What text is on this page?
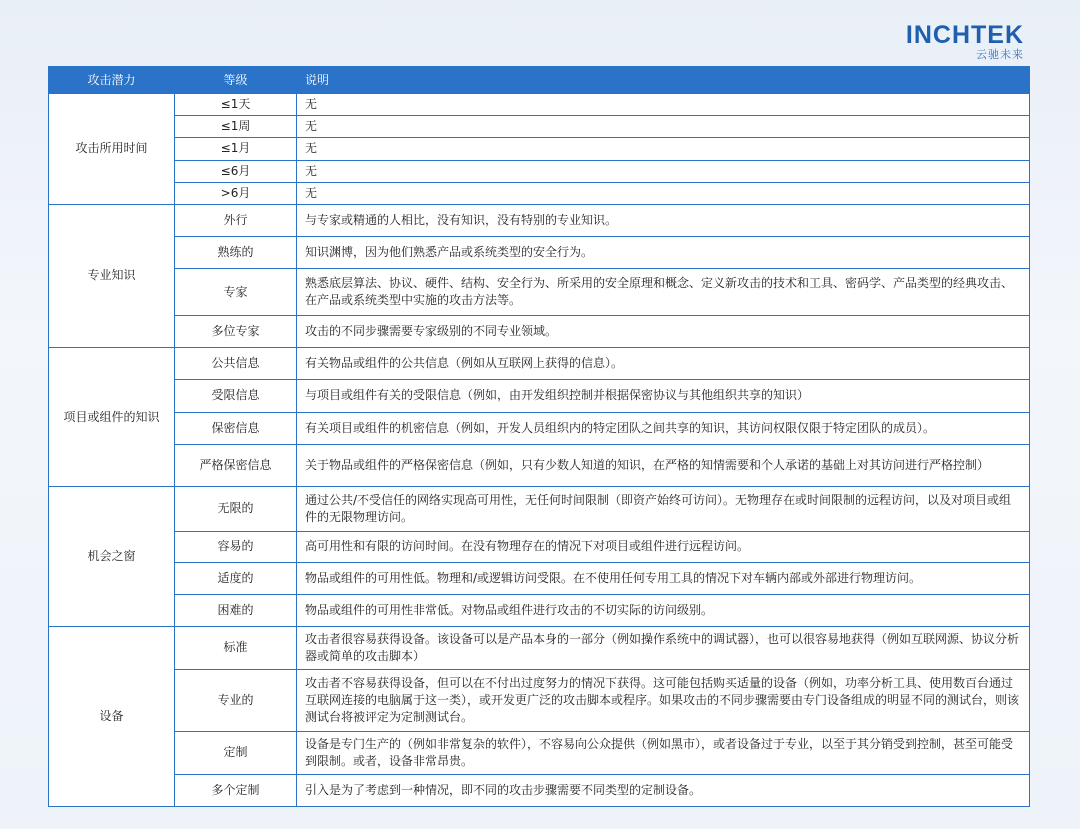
INCHTEK
云驰未来
攻击潜力	等级	说明
攻击所用时间	≤1天	无
	≤1周	无
	≤1月	无
	≤6月	无
	>6月	无
专业知识	外行	与专家或精通的人相比，没有知识，没有特别的专业知识。
	熟练的	知识渊博，因为他们熟悉产品或系统类型的安全行为。
	专家	熟悉底层算法、协议、硬件、结构、安全行为、所采用的安全原理和概念、定义新攻击的技术和工具、密码学、产品类型的经典攻击、在产品或系统类型中实施的攻击方法等。
	多位专家	攻击的不同步骤需要专家级别的不同专业领域。
项目或组件的知识	公共信息	有关物品或组件的公共信息（例如从互联网上获得的信息）。
	受限信息	与项目或组件有关的受限信息（例如，由开发组织控制并根据保密协议与其他组织共享的知识）
	保密信息	有关项目或组件的机密信息（例如，开发人员组织内的特定团队之间共享的知识，其访问权限仅限于特定团队的成员）。
	严格保密信息	关于物品或组件的严格保密信息（例如，只有少数人知道的知识，在严格的知情需要和个人承诺的基础上对其访问进行严格控制）
机会之窗	无限的	通过公共/不受信任的网络实现高可用性，无任何时间限制（即资产始终可访问）。无物理存在或时间限制的远程访问，以及对项目或组件的无限物理访问。
	容易的	高可用性和有限的访问时间。在没有物理存在的情况下对项目或组件进行远程访问。
	适度的	物品或组件的可用性低。物理和/或逻辑访问受限。在不使用任何专用工具的情况下对车辆内部或外部进行物理访问。
	困难的	物品或组件的可用性非常低。对物品或组件进行攻击的不切实际的访问级别。
设备	标准	攻击者很容易获得设备。该设备可以是产品本身的一部分（例如操作系统中的调试器），也可以很容易地获得（例如互联网源、协议分析器或简单的攻击脚本）
	专业的	攻击者不容易获得设备，但可以在不付出过度努力的情况下获得。这可能包括购买适量的设备（例如，功率分析工具、使用数百台通过互联网连接的电脑属于这一类），或开发更广泛的攻击脚本或程序。如果攻击的不同步骤需要由专门设备组成的明显不同的测试台，则该测试台将被评定为定制测试台。
	定制	设备是专门生产的（例如非常复杂的软件），不容易向公众提供（例如黑市），或者设备过于专业，以至于其分销受到控制，甚至可能受到限制。或者，设备非常昂贵。
	多个定制	引入是为了考虑到一种情况，即不同的攻击步骤需要不同类型的定制设备。
